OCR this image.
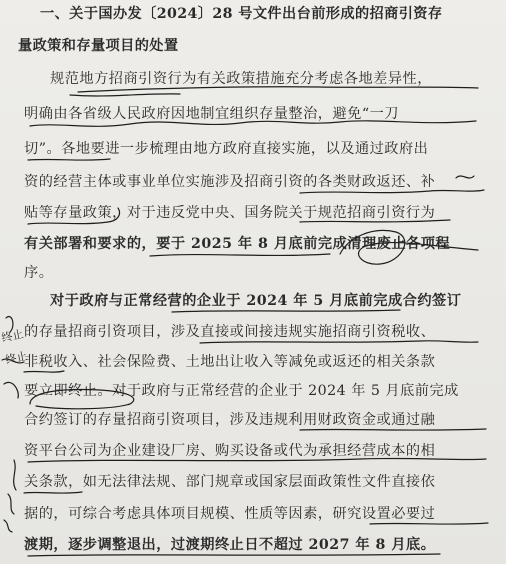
一、关于国办发〔2024〕28 号文件出台前形成的招商引资存
量政策和存量项目的处置
规范地方招商引资行为有关政策措施充分考虑各地差异性，
明确由各省级人民政府因地制宜组织存量整治，避免“一刀
切”。各地要进一步梳理由地方政府直接实施，以及通过政府出
资的经营主体或事业单位实施涉及招商引资的各类财政返还、补
贴等存量政策，对于违反党中央、国务院关于规范招商引资行为
有关部署和要求的，要于 2025 年 8 月底前完成清理废止各项程
序。
对于政府与正常经营的企业于 2024 年 5 月底前完成合约签订
的存量招商引资项目，涉及直接或间接违规实施招商引资税收、
非税收入、社会保险费、土地出让收入等减免或返还的相关条款
要立即终止。对于政府与正常经营的企业于 2024 年 5 月底前完成
合约签订的存量招商引资项目，涉及违规利用财政资金或通过融
资平台公司为企业建设厂房、购买设备或代为承担经营成本的相
关条款，如无法律法规、部门规章或国家层面政策性文件直接依
据的，可综合考虑具体项目规模、性质等因素，研究设置必要过
渡期，逐步调整退出，过渡期终止日不超过 2027 年 8 月底。
终止
终止
